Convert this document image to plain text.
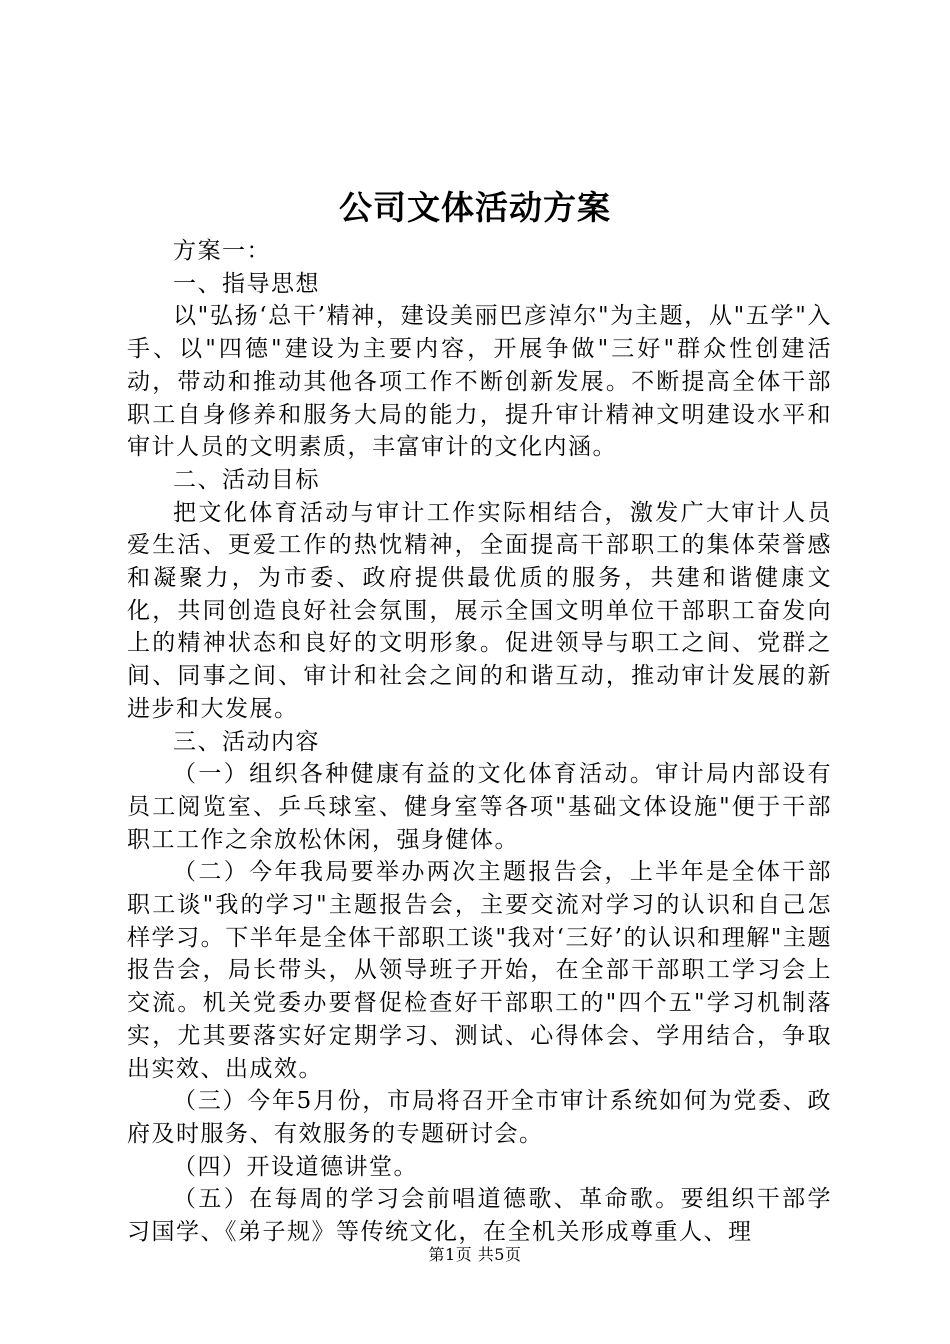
公司文体活动方案

方案一：

一、指导思想

以"弘扬‘总干’精神，建设美丽巴彦淖尔"为主题，从"五学"入手、以"四德"建设为主要内容，开展争做"三好"群众性创建活动，带动和推动其他各项工作不断创新发展。不断提高全体干部职工自身修养和服务大局的能力，提升审计精神文明建设水平和审计人员的文明素质，丰富审计的文化内涵。

二、活动目标

把文化体育活动与审计工作实际相结合，激发广大审计人员爱生活、更爱工作的热忱精神，全面提高干部职工的集体荣誉感和凝聚力，为市委、政府提供最优质的服务，共建和谐健康文化，共同创造良好社会氛围，展示全国文明单位干部职工奋发向上的精神状态和良好的文明形象。促进领导与职工之间、党群之间、同事之间、审计和社会之间的和谐互动，推动审计发展的新进步和大发展。

三、活动内容

（一）组织各种健康有益的文化体育活动。审计局内部设有员工阅览室、乒乓球室、健身室等各项"基础文体设施"便于干部职工工作之余放松休闲，强身健体。

（二）今年我局要举办两次主题报告会，上半年是全体干部职工谈"我的学习"主题报告会，主要交流对学习的认识和自己怎样学习。下半年是全体干部职工谈"我对‘三好’的认识和理解"主题报告会，局长带头，从领导班子开始，在全部干部职工学习会上交流。机关党委办要督促检查好干部职工的"四个五"学习机制落实，尤其要落实好定期学习、测试、心得体会、学用结合，争取出实效、出成效。

（三）今年5月份，市局将召开全市审计系统如何为党委、政府及时服务、有效服务的专题研讨会。

（四）开设道德讲堂。

（五）在每周的学习会前唱道德歌、革命歌。要组织干部学习国学、《弟子规》等传统文化，在全机关形成尊重人、理

第1页 共5页
